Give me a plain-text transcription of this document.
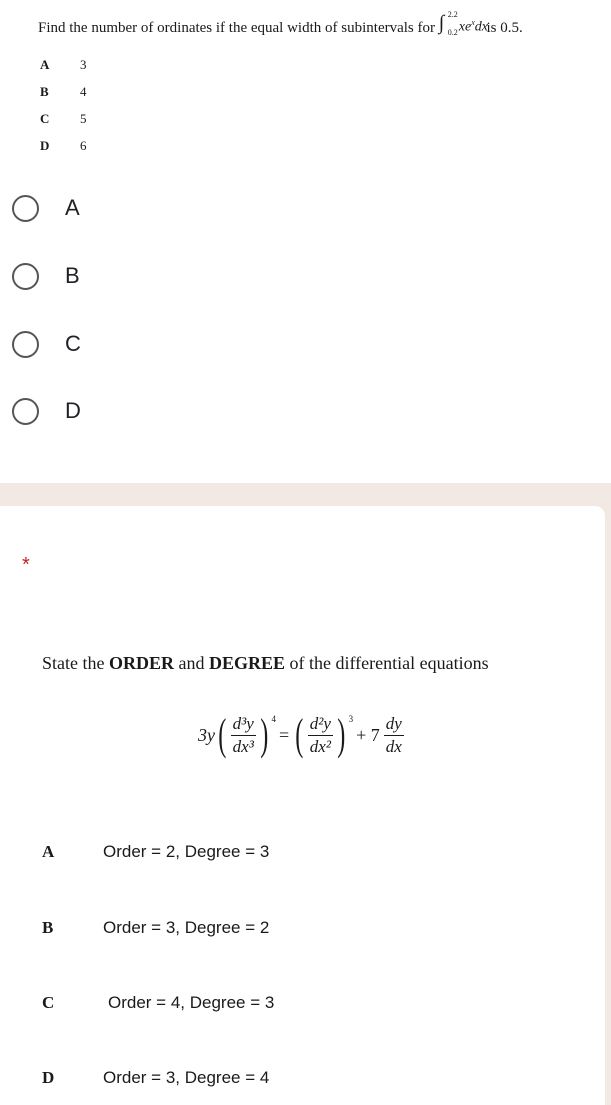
Find the number of ordinates if the equal width of subintervals for ∫ 2.2
0.2 $xe^xdx$
is 0.5.
A 3
B 4
C 5
D 6
A
B
C
D
*
State the ORDER and DEGREE of the differential equations
3y ( $\frac{\text{d³y}}{\text{dx³}}$ ) 4
= ( $\frac{\text{d²y}}{\text{dx²}}$ ) 3
+ $7 \frac{dy}{dx}$
A	Order = 2, Degree = 3
B	Order = 3, Degree = 2
C	Order = 4, Degree = 3
D	Order = 3, Degree = 4
